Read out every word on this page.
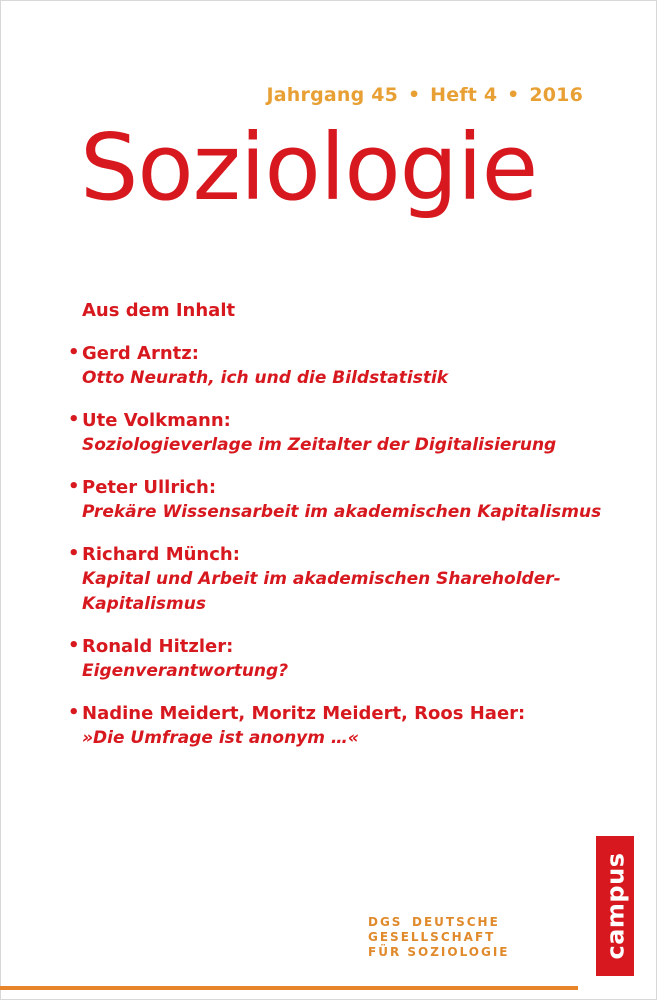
Jahrgang 45 • Heft 4 • 2016
Soziologie
Aus dem Inhalt
• Gerd Arntz:
Otto Neurath, ich und die Bildstatistik
• Ute Volkmann:
Soziologieverlage im Zeitalter der Digitalisierung
• Peter Ullrich:
Prekäre Wissensarbeit im akademischen Kapitalismus
• Richard Münch:
Kapital und Arbeit im akademischen Shareholder-
Kapitalismus
• Ronald Hitzler:
Eigenverantwortung?
• Nadine Meidert, Moritz Meidert, Roos Haer:
»Die Umfrage ist anonym …«
campus
DGS DEUTSCHE
GESELLSCHAFT
FÜR SOZIOLOGIE
